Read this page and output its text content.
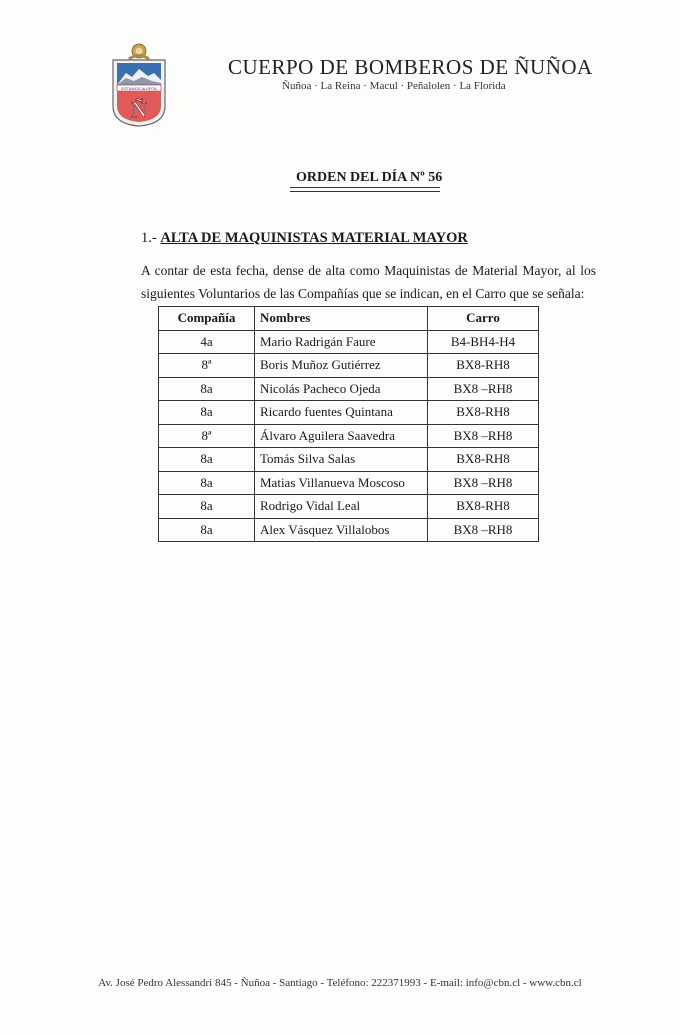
ESTAMOS ALERTA
Ñ
CUERPO DE BOMBEROS DE ÑUÑOA
Ñuñoa · La Reina · Macul · Peñalolen · La Florida
ORDEN DEL DÍA Nº 56
1.- ALTA DE MAQUINISTAS MATERIAL MAYOR
A contar de esta fecha, dense de alta como Maquinistas de Material Mayor, al los siguientes Voluntarios de las Compañías que se indican, en el Carro que se señala:
Compañía	Nombres	Carro
4a	Mario Radrigán Faure	B4-BH4-H4
8ª	Boris Muñoz Gutiérrez	BX8-RH8
8a	Nicolás Pacheco Ojeda	BX8 –RH8
8a	Ricardo fuentes Quintana	BX8-RH8
8ª	Álvaro Aguilera Saavedra	BX8 –RH8
8a	Tomás Silva Salas	BX8-RH8
8a	Matias Villanueva Moscoso	BX8 –RH8
8a	Rodrigo Vidal Leal	BX8-RH8
8a	Alex Vásquez Villalobos	BX8 –RH8
Av. José Pedro Alessandri 845 - Ñuñoa - Santiago - Teléfono: 222371993 - E-mail: info@cbn.cl - www.cbn.cl
